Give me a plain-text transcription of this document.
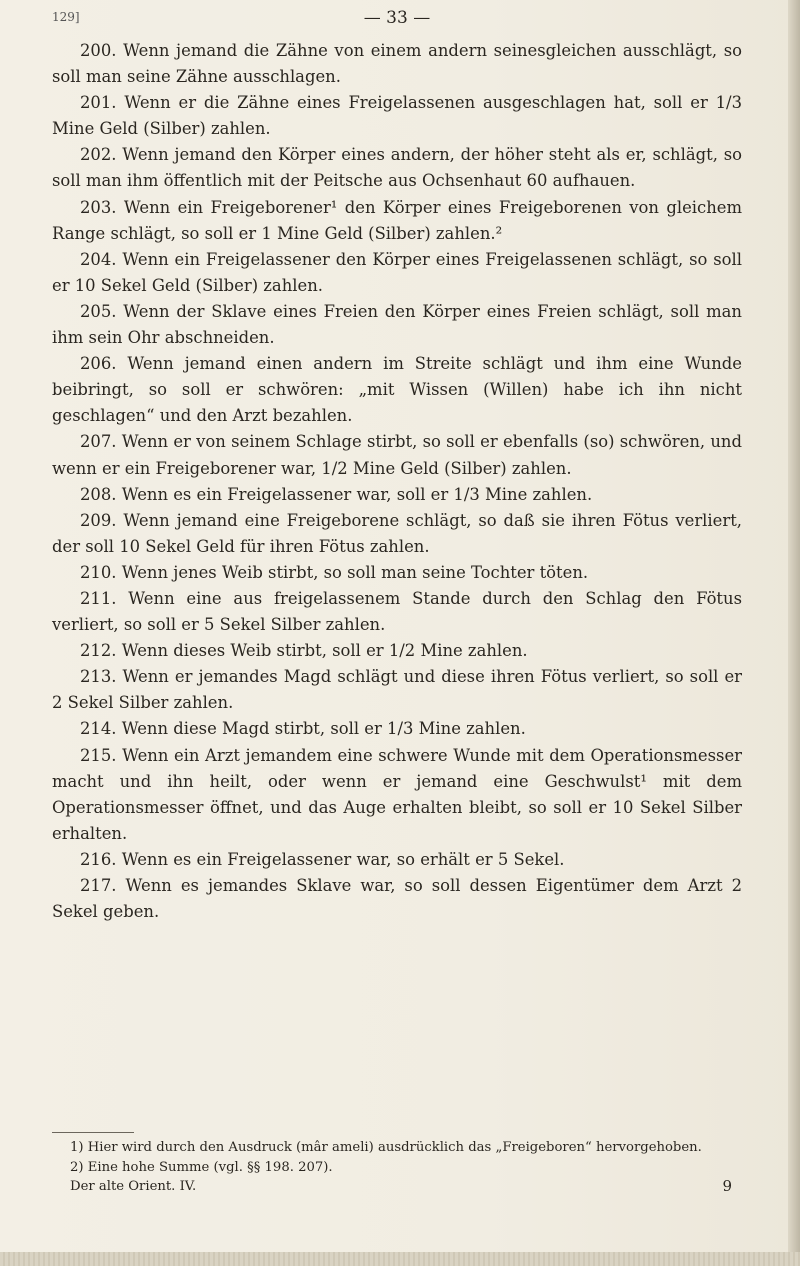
129]	— 33 —

200. Wenn jemand die Zähne von einem andern seinesgleichen ausschlägt, so soll man seine Zähne ausschlagen.

201. Wenn er die Zähne eines Freigelassenen ausgeschlagen hat, soll er 1/3 Mine Geld (Silber) zahlen.

202. Wenn jemand den Körper eines andern, der höher steht als er, schlägt, so soll man ihm öffentlich mit der Peitsche aus Ochsenhaut 60 aufhauen.

203. Wenn ein Freigeborener¹ den Körper eines Freigeborenen von gleichem Range schlägt, so soll er 1 Mine Geld (Silber) zahlen.²

204. Wenn ein Freigelassener den Körper eines Freigelassenen schlägt, so soll er 10 Sekel Geld (Silber) zahlen.

205. Wenn der Sklave eines Freien den Körper eines Freien schlägt, soll man ihm sein Ohr abschneiden.

206. Wenn jemand einen andern im Streite schlägt und ihm eine Wunde beibringt, so soll er schwören: „mit Wissen (Willen) habe ich ihn nicht geschlagen“ und den Arzt bezahlen.

207. Wenn er von seinem Schlage stirbt, so soll er ebenfalls (so) schwören, und wenn er ein Freigeborener war, 1/2 Mine Geld (Silber) zahlen.

208. Wenn es ein Freigelassener war, soll er 1/3 Mine zahlen.

209. Wenn jemand eine Freigeborene schlägt, so daß sie ihren Fötus verliert, der soll 10 Sekel Geld für ihren Fötus zahlen.

210. Wenn jenes Weib stirbt, so soll man seine Tochter töten.

211. Wenn eine aus freigelassenem Stande durch den Schlag den Fötus verliert, so soll er 5 Sekel Silber zahlen.

212. Wenn dieses Weib stirbt, soll er 1/2 Mine zahlen.

213. Wenn er jemandes Magd schlägt und diese ihren Fötus verliert, so soll er 2 Sekel Silber zahlen.

214. Wenn diese Magd stirbt, soll er 1/3 Mine zahlen.

215. Wenn ein Arzt jemandem eine schwere Wunde mit dem Operationsmesser macht und ihn heilt, oder wenn er jemand eine Geschwulst¹ mit dem Operationsmesser öffnet, und das Auge erhalten bleibt, so soll er 10 Sekel Silber erhalten.

216. Wenn es ein Freigelassener war, so erhält er 5 Sekel.

217. Wenn es jemandes Sklave war, so soll dessen Eigentümer dem Arzt 2 Sekel geben.

1) Hier wird durch den Ausdruck (mâr ameli) ausdrücklich das „Freigeboren“ hervorgehoben.

2) Eine hohe Summe (vgl. §§ 198. 207).

Der alte Orient. IV.	9
